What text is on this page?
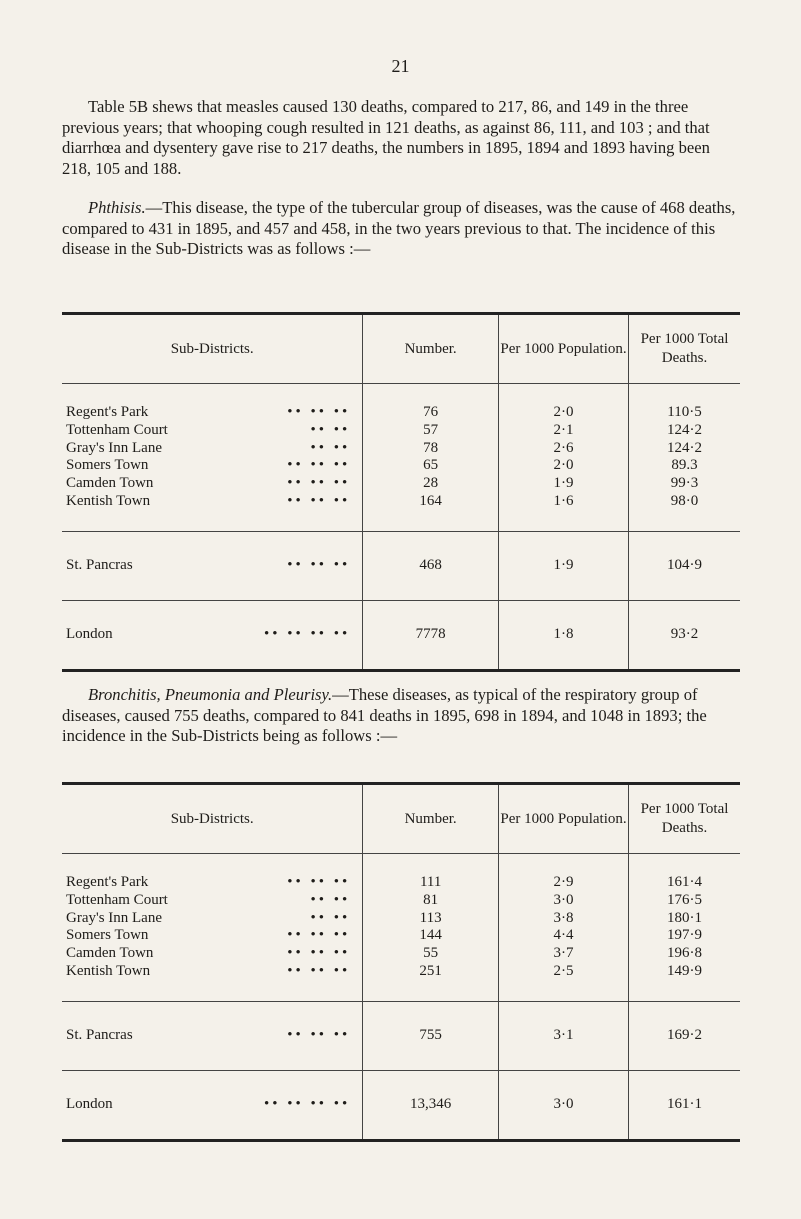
21

Table 5B shews that measles caused 130 deaths, compared to 217, 86, and 149 in the three previous years; that whooping cough resulted in 121 deaths, as against 86, 111, and 103 ; and that diarrhœa and dysentery gave rise to 217 deaths, the numbers in 1895, 1894 and 1893 having been 218, 105 and 188.

Phthisis.—This disease, the type of the tubercular group of diseases, was the cause of 468 deaths, compared to 431 in 1895, and 457 and 458, in the two years previous to that. The incidence of this disease in the Sub-Districts was as follows :—

Sub-Districts.	Number.	Per 1000 Population.	Per 1000 Total Deaths.

Regent's Park •• •• ••	76	2·0	110·5
Tottenham Court •• ••	57	2·1	124·2
Gray's Inn Lane •• ••	78	2·6	124·2
Somers Town •• •• ••	65	2·0	89.3
Camden Town •• •• ••	28	1·9	99·3
Kentish Town •• •• ••	164	1·6	98·0

St. Pancras •• •• ••	468	1·9	104·9
London •• •• •• ••	7778	1·8	93·2

Bronchitis, Pneumonia and Pleurisy.—These diseases, as typical of the respiratory group of diseases, caused 755 deaths, compared to 841 deaths in 1895, 698 in 1894, and 1048 in 1893; the incidence in the Sub-Districts being as follows :—

Sub-Districts.	Number.	Per 1000 Population.	Per 1000 Total Deaths.

Regent's Park •• •• ••	111	2·9	161·4
Tottenham Court •• ••	81	3·0	176·5
Gray's Inn Lane •• ••	113	3·8	180·1
Somers Town •• •• ••	144	4·4	197·9
Camden Town •• •• ••	55	3·7	196·8
Kentish Town •• •• ••	251	2·5	149·9

St. Pancras •• •• ••	755	3·1	169·2
London •• •• •• ••	13,346	3·0	161·1
